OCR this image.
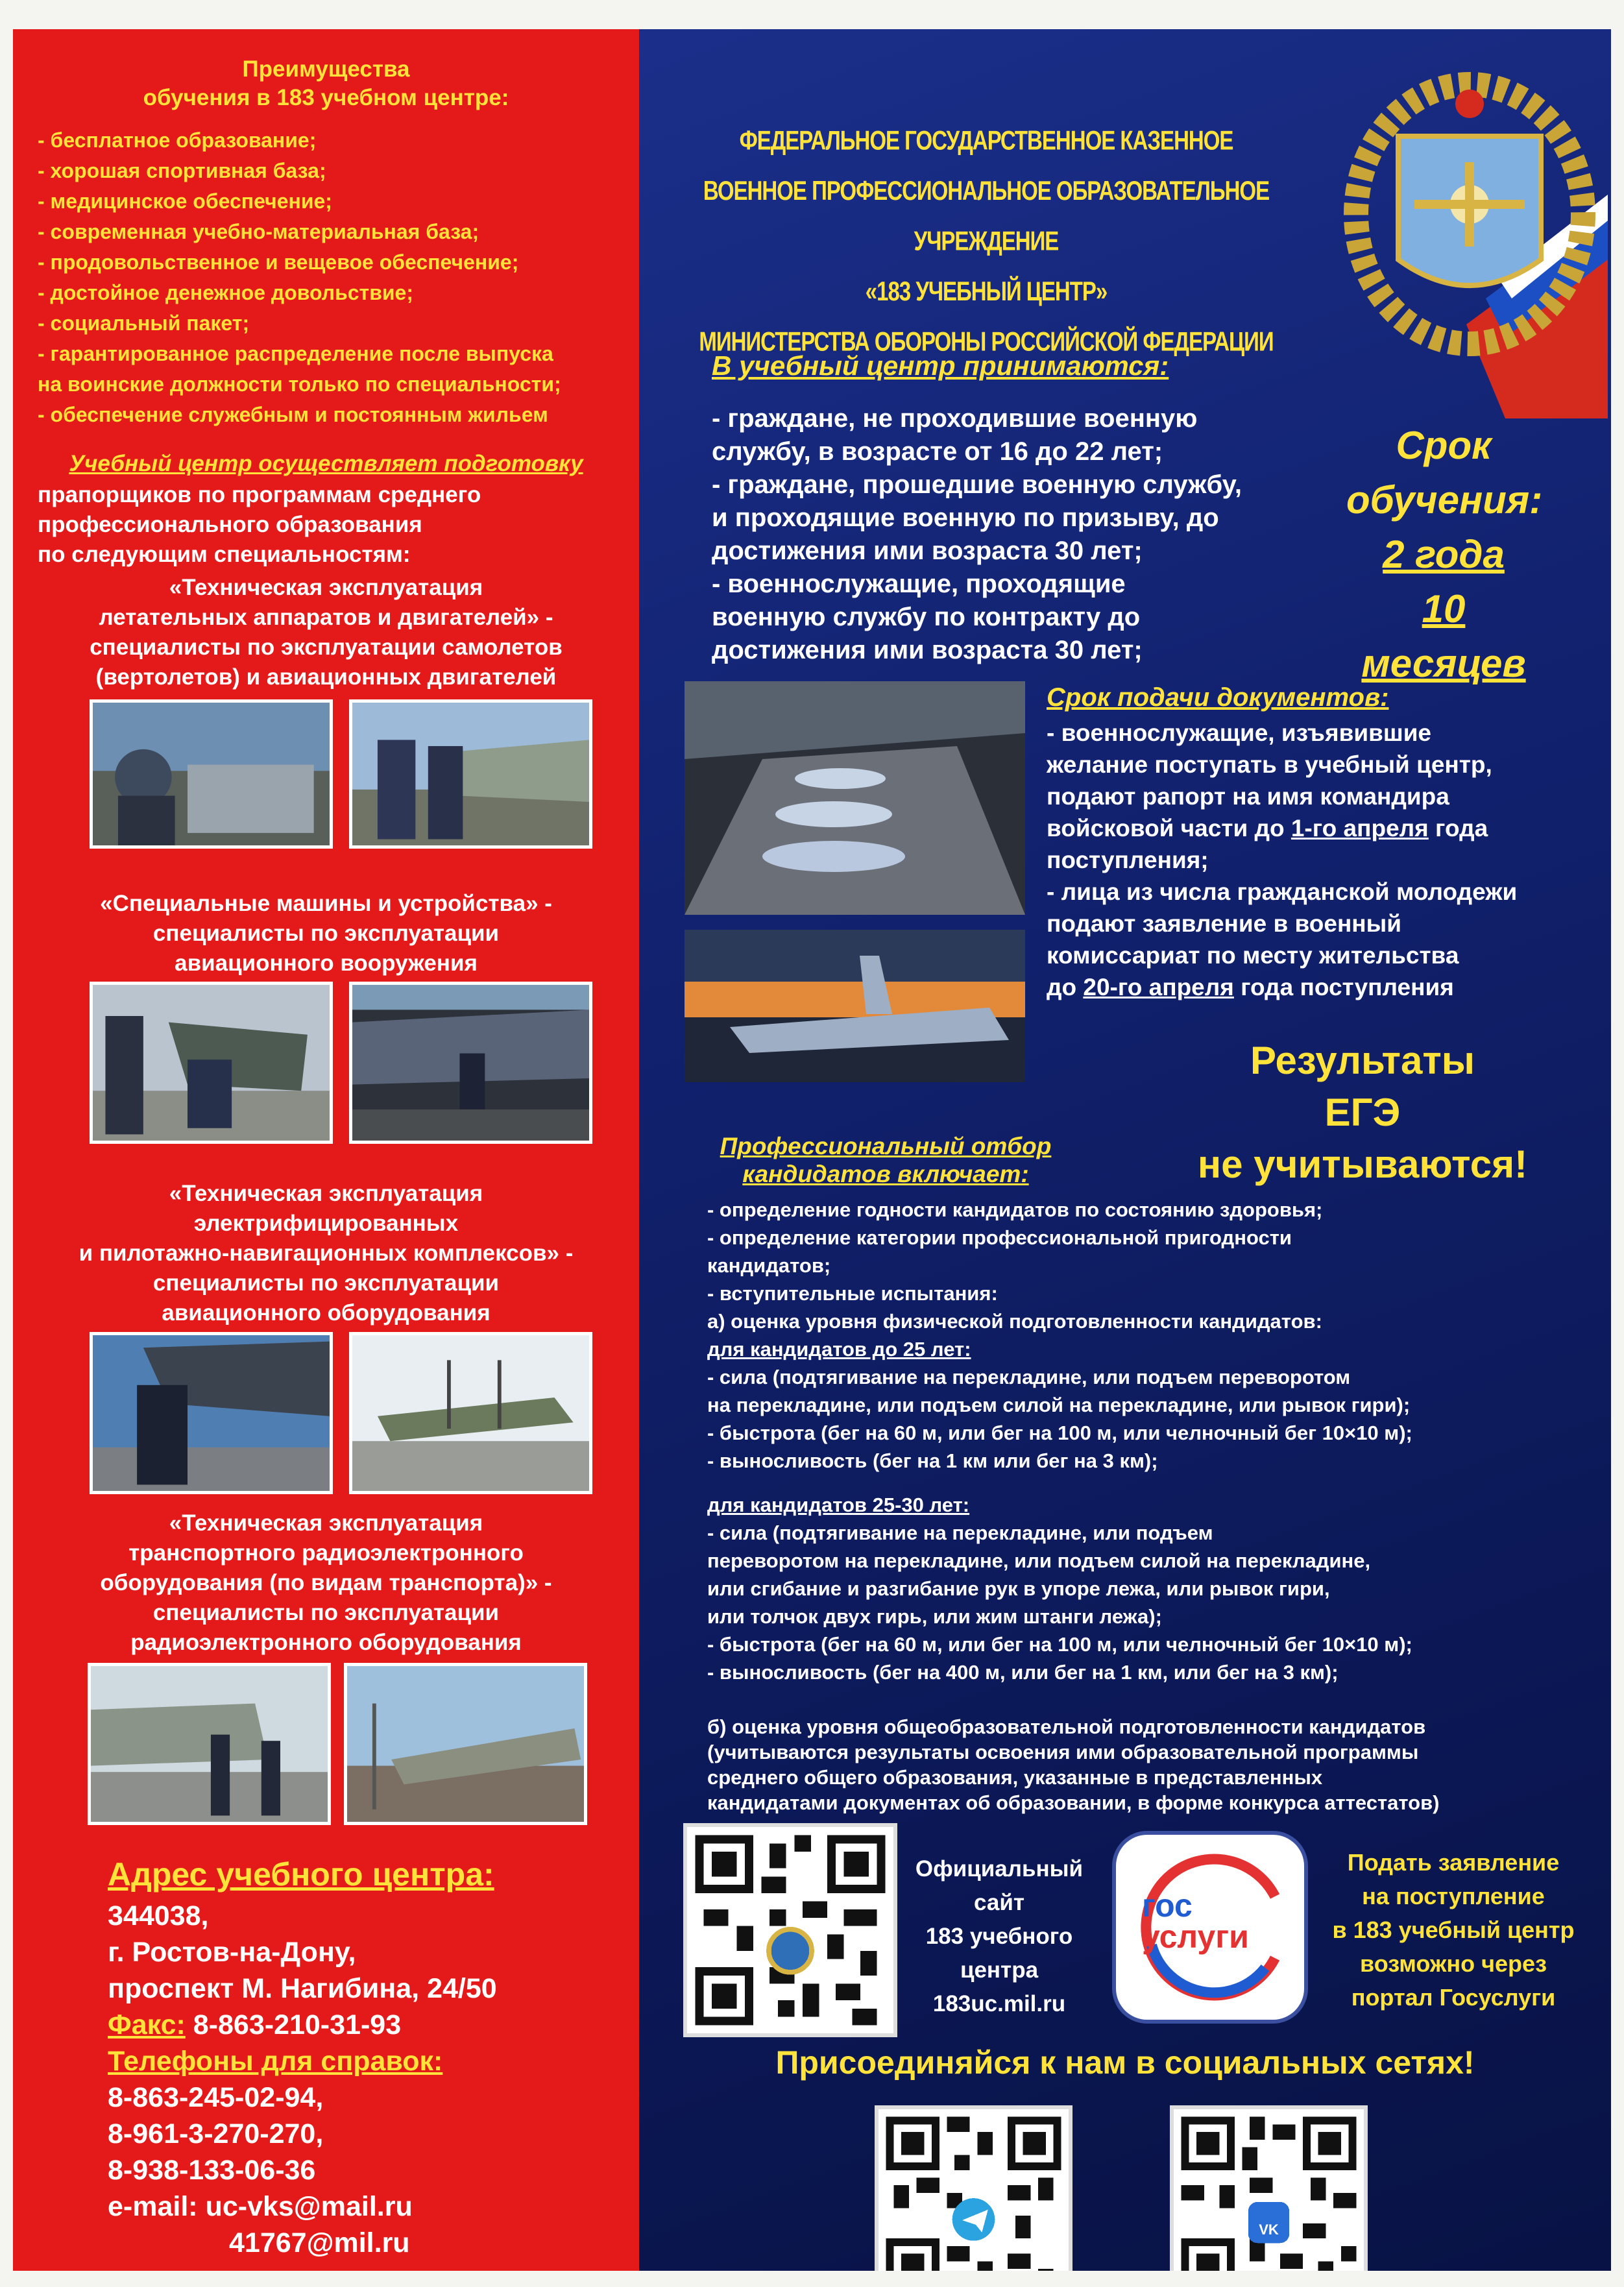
Преимущества
обучения в 183 учебном центре:
- бесплатное образование;
- хорошая спортивная база;
- медицинское обеспечение;
- современная учебно-материальная база;
- продовольственное и вещевое обеспечение;
- достойное денежное довольствие;
- социальный пакет;
- гарантированное распределение после выпуска
на воинские должности только по специальности;
- обеспечение служебным и постоянным жильем
Учебный центр осуществляет подготовку
прапорщиков по программам среднего
профессионального образования
по следующим специальностям:
«Техническая эксплуатация
летательных аппаратов и двигателей» -
специалисты по эксплуатации самолетов
(вертолетов) и авиационных двигателей
«Специальные машины и устройства» -
специалисты по эксплуатации
авиационного вооружения
«Техническая эксплуатация
электрифицированных
и пилотажно-навигационных комплексов» -
специалисты по эксплуатации
авиационного оборудования
«Техническая эксплуатация
транспортного радиоэлектронного
оборудования (по видам транспорта)» -
специалисты по эксплуатации
радиоэлектронного оборудования
Адрес учебного центра:
344038,
г. Ростов-на-Дону,
проспект М. Нагибина, 24/50
Факс: 8-863-210-31-93
Телефоны для справок:
8-863-245-02-94,
8-961-3-270-270,
8-938-133-06-36
e-mail: uc-vks@mail.ru
41767@mil.ru
ФЕДЕРАЛЬНОЕ ГОСУДАРСТВЕННОЕ КАЗЕННОЕ
ВОЕННОЕ ПРОФЕССИОНАЛЬНОЕ ОБРАЗОВАТЕЛЬНОЕ УЧРЕЖДЕНИЕ
«183 УЧЕБНЫЙ ЦЕНТР»
МИНИСТЕРСТВА ОБОРОНЫ РОССИЙСКОЙ ФЕДЕРАЦИИ
В учебный центр принимаются:
- граждане, не проходившие военную
службу, в возрасте от 16 до 22 лет;
- граждане, прошедшие военную службу,
и проходящие военную по призыву, до
достижения ими возраста 30 лет;
- военнослужащие, проходящие
военную службу по контракту до
достижения ими возраста 30 лет;
Срок
обучения:
2 года
10 месяцев
Срок подачи документов:
- военнослужащие, изъявившие
желание поступать в учебный центр,
подают рапорт на имя командира
войсковой части до 1-го апреля года
поступления;
- лица из числа гражданской молодежи
подают заявление в военный
комиссариат по месту жительства
до 20-го апреля года поступления
Результаты
ЕГЭ
не учитываются!
Профессиональный отбор
кандидатов включает:
- определение годности кандидатов по состоянию здоровья;
- определение категории профессиональной пригодности
кандидатов;
- вступительные испытания:
а) оценка уровня физической подготовленности кандидатов:
для кандидатов до 25 лет:
- сила (подтягивание на перекладине, или подъем переворотом
на перекладине, или подъем силой на перекладине, или рывок гири);
- быстрота (бег на 60 м, или бег на 100 м, или челночный бег 10×10 м);
- выносливость (бег на 1 км или бег на 3 км);
для кандидатов 25-30 лет:
- сила (подтягивание на перекладине, или подъем
переворотом на перекладине, или подъем силой на перекладине,
или сгибание и разгибание рук в упоре лежа, или рывок гири,
или толчок двух гирь, или жим штанги лежа);
- быстрота (бег на 60 м, или бег на 100 м, или челночный бег 10×10 м);
- выносливость (бег на 400 м, или бег на 1 км, или бег на 3 км);
б) оценка уровня общеобразовательной подготовленности кандидатов
(учитываются результаты освоения ими образовательной программы
среднего общего образования, указанные в представленных
кандидатами документах об образовании, в форме конкурса аттестатов)
Официальный
сайт
183 учебного
центра
183uc.mil.ru
гос
услуги
Подать заявление
на поступление
в 183 учебный центр
возможно через
портал Госуслуги
Присоединяйся к нам в социальных сетях!
VK
